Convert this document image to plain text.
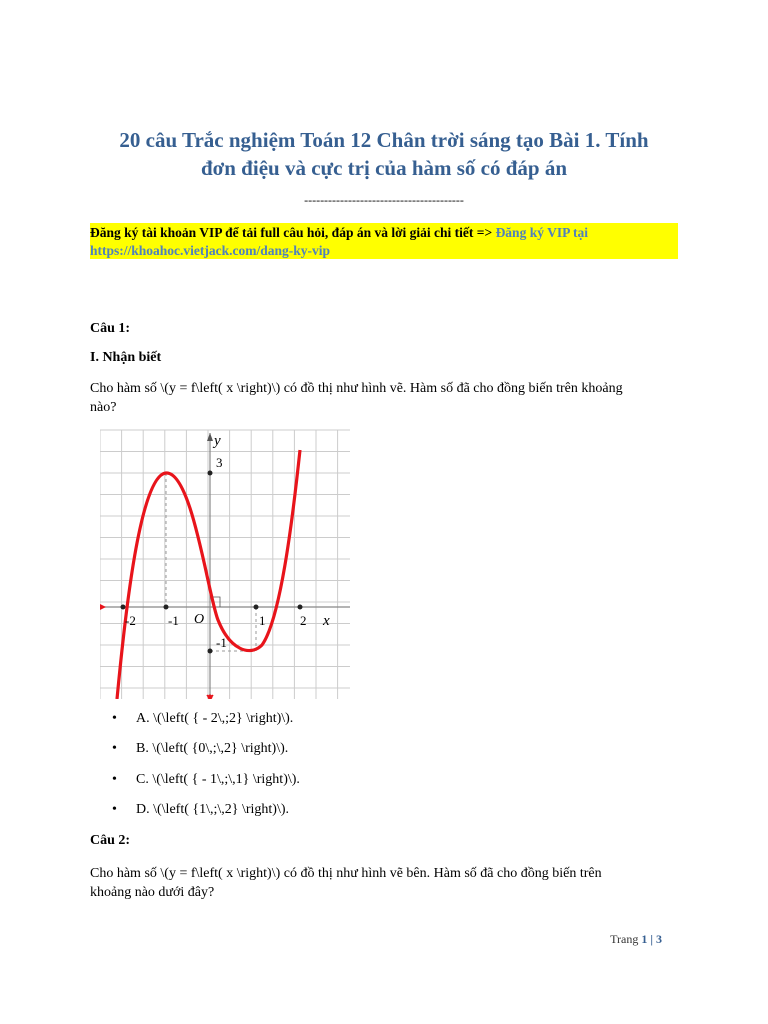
20 câu Trắc nghiệm Toán 12 Chân trời sáng tạo Bài 1. Tính
đơn điệu và cực trị của hàm số có đáp án
----------------------------------------
Đăng ký tài khoản VIP để tải full câu hỏi, đáp án và lời giải chi tiết => Đăng ký VIP tại
https://khoahoc.vietjack.com/dang-ky-vip
Câu 1:
I. Nhận biết
Cho hàm số \(y = f\left( x \right)\) có đồ thị như hình vẽ. Hàm số đã cho đồng biến trên khoảng
nào?
y
3
-2 -1 O	1	2 x
-1
• A. \(\left( { - 2\,;2} \right)\).
• B. \(\left( {0\,;\,2} \right)\).
• C. \(\left( { - 1\,;\,1} \right)\).
• D. \(\left( {1\,;\,2} \right)\).
Câu 2:
Cho hàm số \(y = f\left( x \right)\) có đồ thị như hình vẽ bên. Hàm số đã cho đồng biến trên
khoảng nào dưới đây?
Trang 1 | 3
